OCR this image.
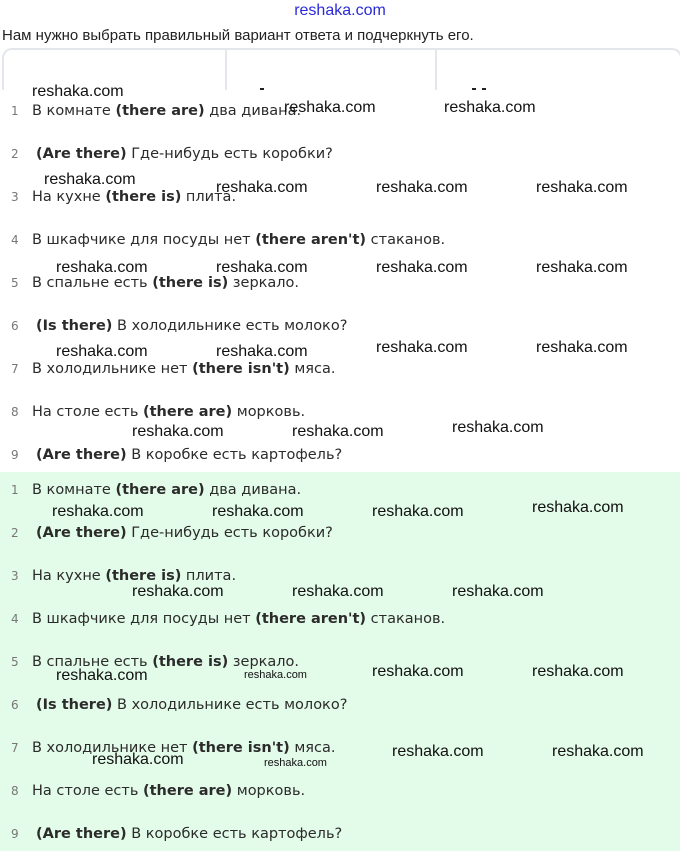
reshaka.com
Нам нужно выбрать правильный вариант ответа и подчеркнуть его.
1 В комнате (there are) два дивана.
2	(Are there) Где-нибудь есть коробки?
3 На кухне (there is) плита.
4 В шкафчике для посуды нет (there aren't) стаканов.
5 В спальне есть (there is) зеркало.
6	(Is there) В холодильнике есть молоко?
7 В холодильнике нет (there isn't) мяса.
8 На столе есть (there are) морковь.
9	(Are there) В коробке есть картофель?
1 В комнате (there are) два дивана.
2	(Are there) Где-нибудь есть коробки?
3 На кухне (there is) плита.
4 В шкафчике для посуды нет (there aren't) стаканов.
5 В спальне есть (there is) зеркало.
6	(Is there) В холодильнике есть молоко?
7 В холодильнике нет (there isn't) мяса.
8 На столе есть (there are) морковь.
9	(Are there) В коробке есть картофель?
reshaka.com
reshaka.com	reshaka.com
reshaka.com	reshaka.com	reshaka.com	reshaka.com
reshaka.com	reshaka.com	reshaka.com	reshaka.com
reshaka.com	reshaka.com	reshaka.com	reshaka.com
reshaka.com	reshaka.com	reshaka.com
reshaka.com	reshaka.com	reshaka.com	reshaka.com
reshaka.com	reshaka.com	reshaka.com
reshaka.com	reshaka.com	reshaka.com	reshaka.com
reshaka.com	reshaka.com
reshaka.com	reshaka.com
